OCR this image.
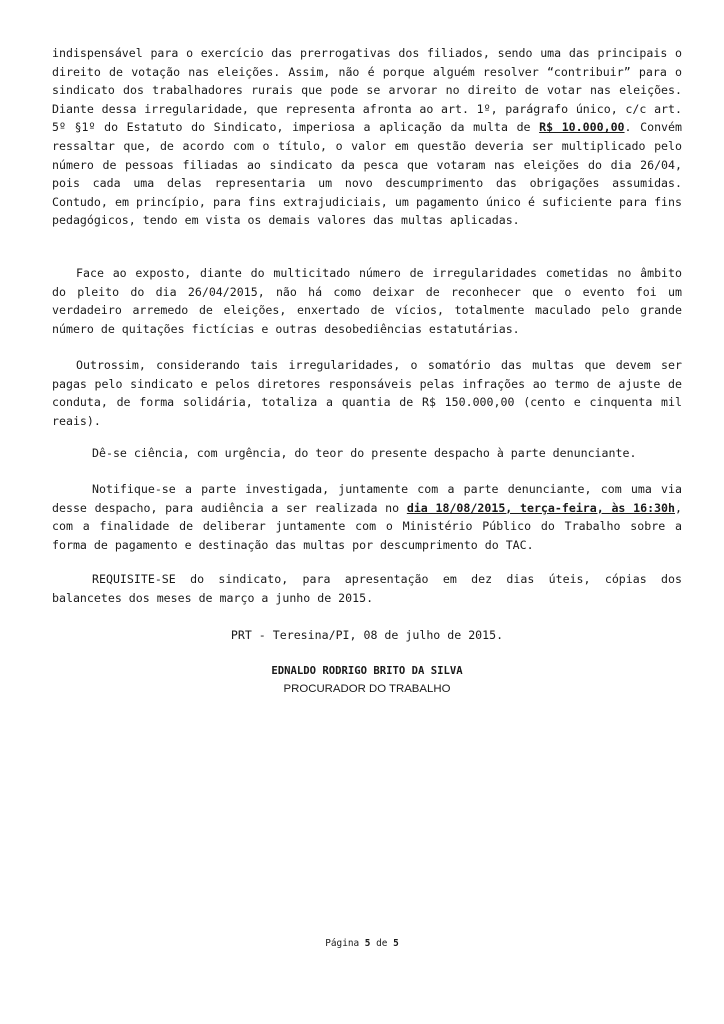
indispensável para o exercício das prerrogativas dos filiados, sendo uma das principais o direito de votação nas eleições. Assim, não é porque alguém resolver “contribuir” para o sindicato dos trabalhadores rurais que pode se arvorar no direito de votar nas eleições. Diante dessa irregularidade, que representa afronta ao art. 1º, parágrafo único, c/c art. 5º §1º do Estatuto do Sindicato, imperiosa a aplicação da multa de R$ 10.000,00. Convém ressaltar que, de acordo com o título, o valor em questão deveria ser multiplicado pelo número de pessoas filiadas ao sindicato da pesca que votaram nas eleições do dia 26/04, pois cada uma delas representaria um novo descumprimento das obrigações assumidas. Contudo, em princípio, para fins extrajudiciais, um pagamento único é suficiente para fins pedagógicos, tendo em vista os demais valores das multas aplicadas.

Face ao exposto, diante do multicitado número de irregularidades cometidas no âmbito do pleito do dia 26/04/2015, não há como deixar de reconhecer que o evento foi um verdadeiro arremedo de eleições, enxertado de vícios, totalmente maculado pelo grande número de quitações fictícias e outras desobediências estatutárias.

Outrossim, considerando tais irregularidades, o somatório das multas que devem ser pagas pelo sindicato e pelos diretores responsáveis pelas infrações ao termo de ajuste de conduta, de forma solidária, totaliza a quantia de R$ 150.000,00 (cento e cinquenta mil reais).

Dê-se ciência, com urgência, do teor do presente despacho à parte denunciante.

Notifique-se a parte investigada, juntamente com a parte denunciante, com uma via desse despacho, para audiência a ser realizada no dia 18/08/2015, terça-feira, às 16:30h, com a finalidade de deliberar juntamente com o Ministério Público do Trabalho sobre a forma de pagamento e destinação das multas por descumprimento do TAC.

REQUISITE-SE do sindicato, para apresentação em dez dias úteis, cópias dos balancetes dos meses de março a junho de 2015.

PRT - Teresina/PI, 08 de julho de 2015.
EDNALDO RODRIGO BRITO DA SILVA
PROCURADOR DO TRABALHO
Página 5 de 5
